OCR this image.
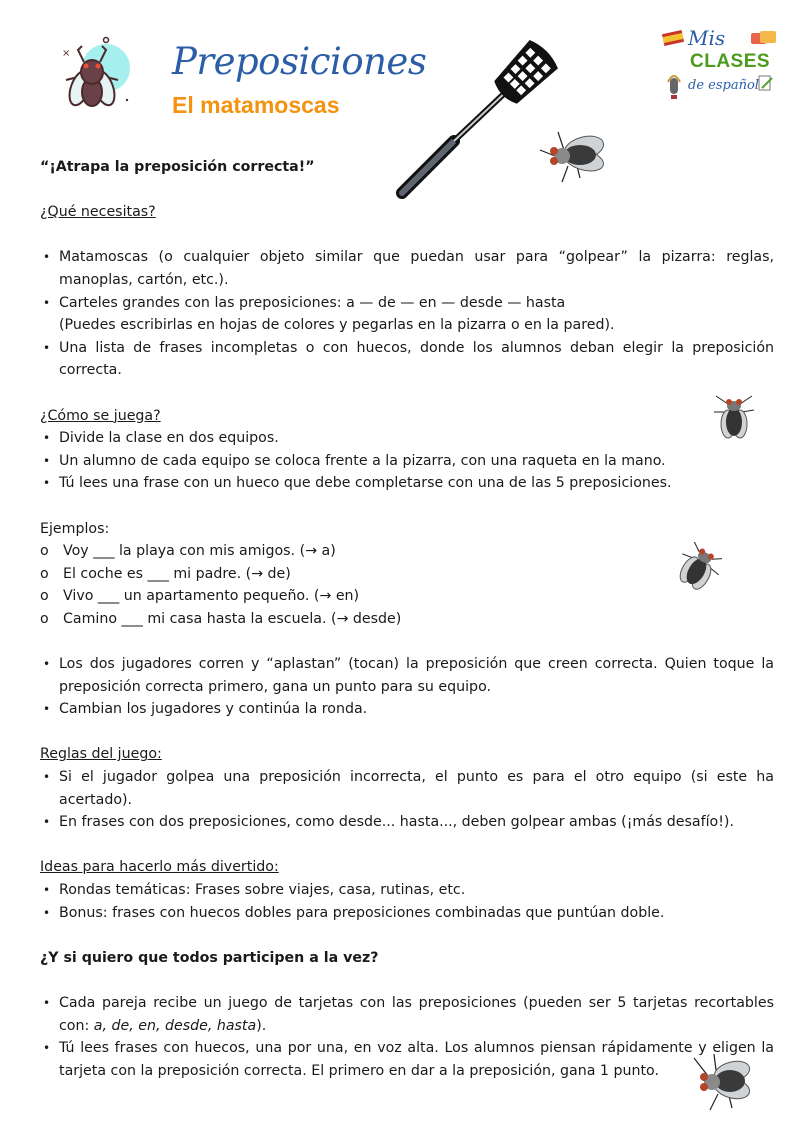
×	Preposiciones
El matamoscas
Mis
CLASES
de español

“¡Atrapa la preposición correcta!”

¿Qué necesitas?

• Matamoscas (o cualquier objeto similar que puedan usar para “golpear” la pizarra: reglas, manoplas, cartón, etc.).
• Carteles grandes con las preposiciones: a — de — en — desde — hasta
(Puedes escribirlas en hojas de colores y pegarlas en la pizarra o en la pared).
• Una lista de frases incompletas o con huecos, donde los alumnos deban elegir la preposición correcta.

¿Cómo se juega?

• Divide la clase en dos equipos.
• Un alumno de cada equipo se coloca frente a la pizarra, con una raqueta en la mano.
• Tú lees una frase con un hueco que debe completarse con una de las 5 preposiciones.

Ejemplos:

o Voy ___ la playa con mis amigos. (→ a)
o El coche es ___ mi padre. (→ de)
o Vivo ___ un apartamento pequeño. (→ en)
o Camino ___ mi casa hasta la escuela. (→ desde)
• Los dos jugadores corren y “aplastan” (tocan) la preposición que creen correcta. Quien toque la preposición correcta primero, gana un punto para su equipo.
• Cambian los jugadores y continúa la ronda.

Reglas del juego:

• Si el jugador golpea una preposición incorrecta, el punto es para el otro equipo (si este ha acertado).
• En frases con dos preposiciones, como desde... hasta..., deben golpear ambas (¡más desafío!).

Ideas para hacerlo más divertido:

• Rondas temáticas: Frases sobre viajes, casa, rutinas, etc.
• Bonus: frases con huecos dobles para preposiciones combinadas que puntúan doble.

¿Y si quiero que todos participen a la vez?

• Cada pareja recibe un juego de tarjetas con las preposiciones (pueden ser 5 tarjetas recortables con: a, de, en, desde, hasta).
• Tú lees frases con huecos, una por una, en voz alta. Los alumnos piensan rápidamente y eligen la tarjeta con la preposición correcta. El primero en dar a la preposición, gana 1 punto.
